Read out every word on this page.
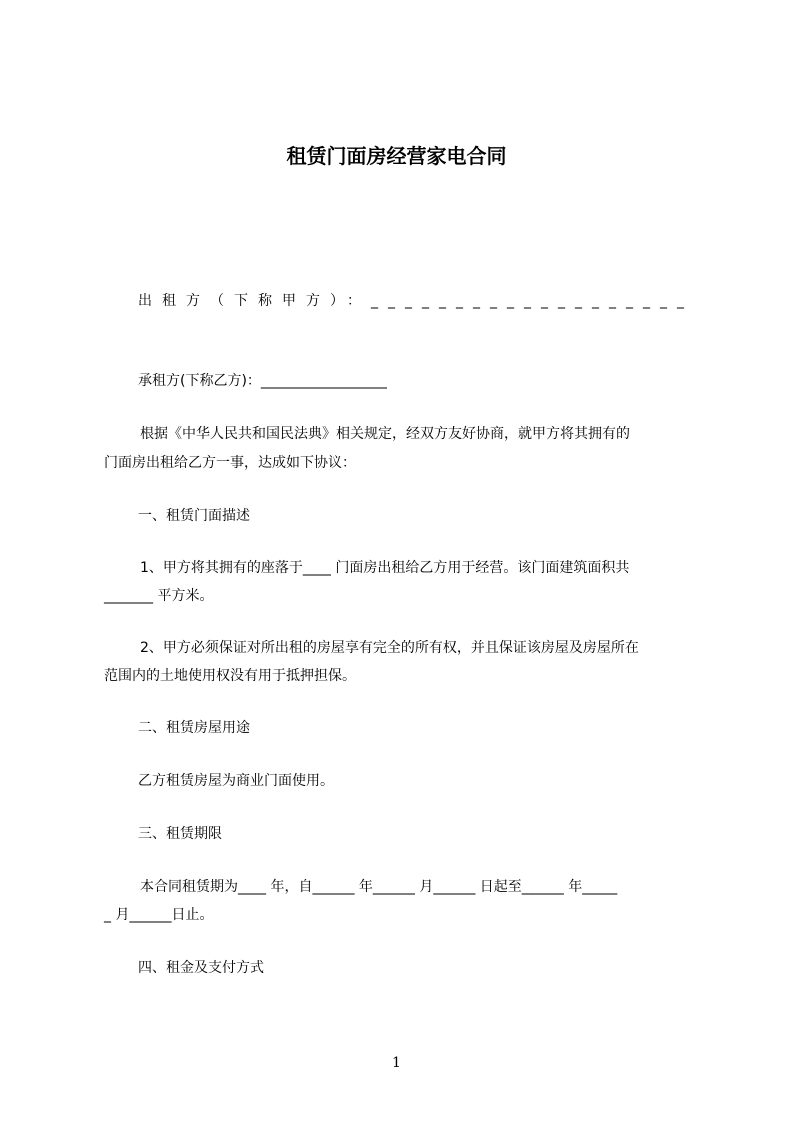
租赁门面房经营家电合同
出租方（下称甲方）：___________________
承租方(下称乙方)：__________________
根据《中华人民共和国民法典》相关规定，经双方友好协商，就甲方将其拥有的
门面房出租给乙方一事，达成如下协议：
一、租赁门面描述
1、甲方将其拥有的座落于____ 门面房出租给乙方用于经营。该门面建筑面积共
_______ 平方米。
2、甲方必须保证对所出租的房屋享有完全的所有权，并且保证该房屋及房屋所在
范围内的土地使用权没有用于抵押担保。
二、租赁房屋用途
乙方租赁房屋为商业门面使用。
三、租赁期限
本合同租赁期为____ 年，自______ 年______ 月______ 日起至______ 年_____
_ 月______日止。
四、租金及支付方式
1
